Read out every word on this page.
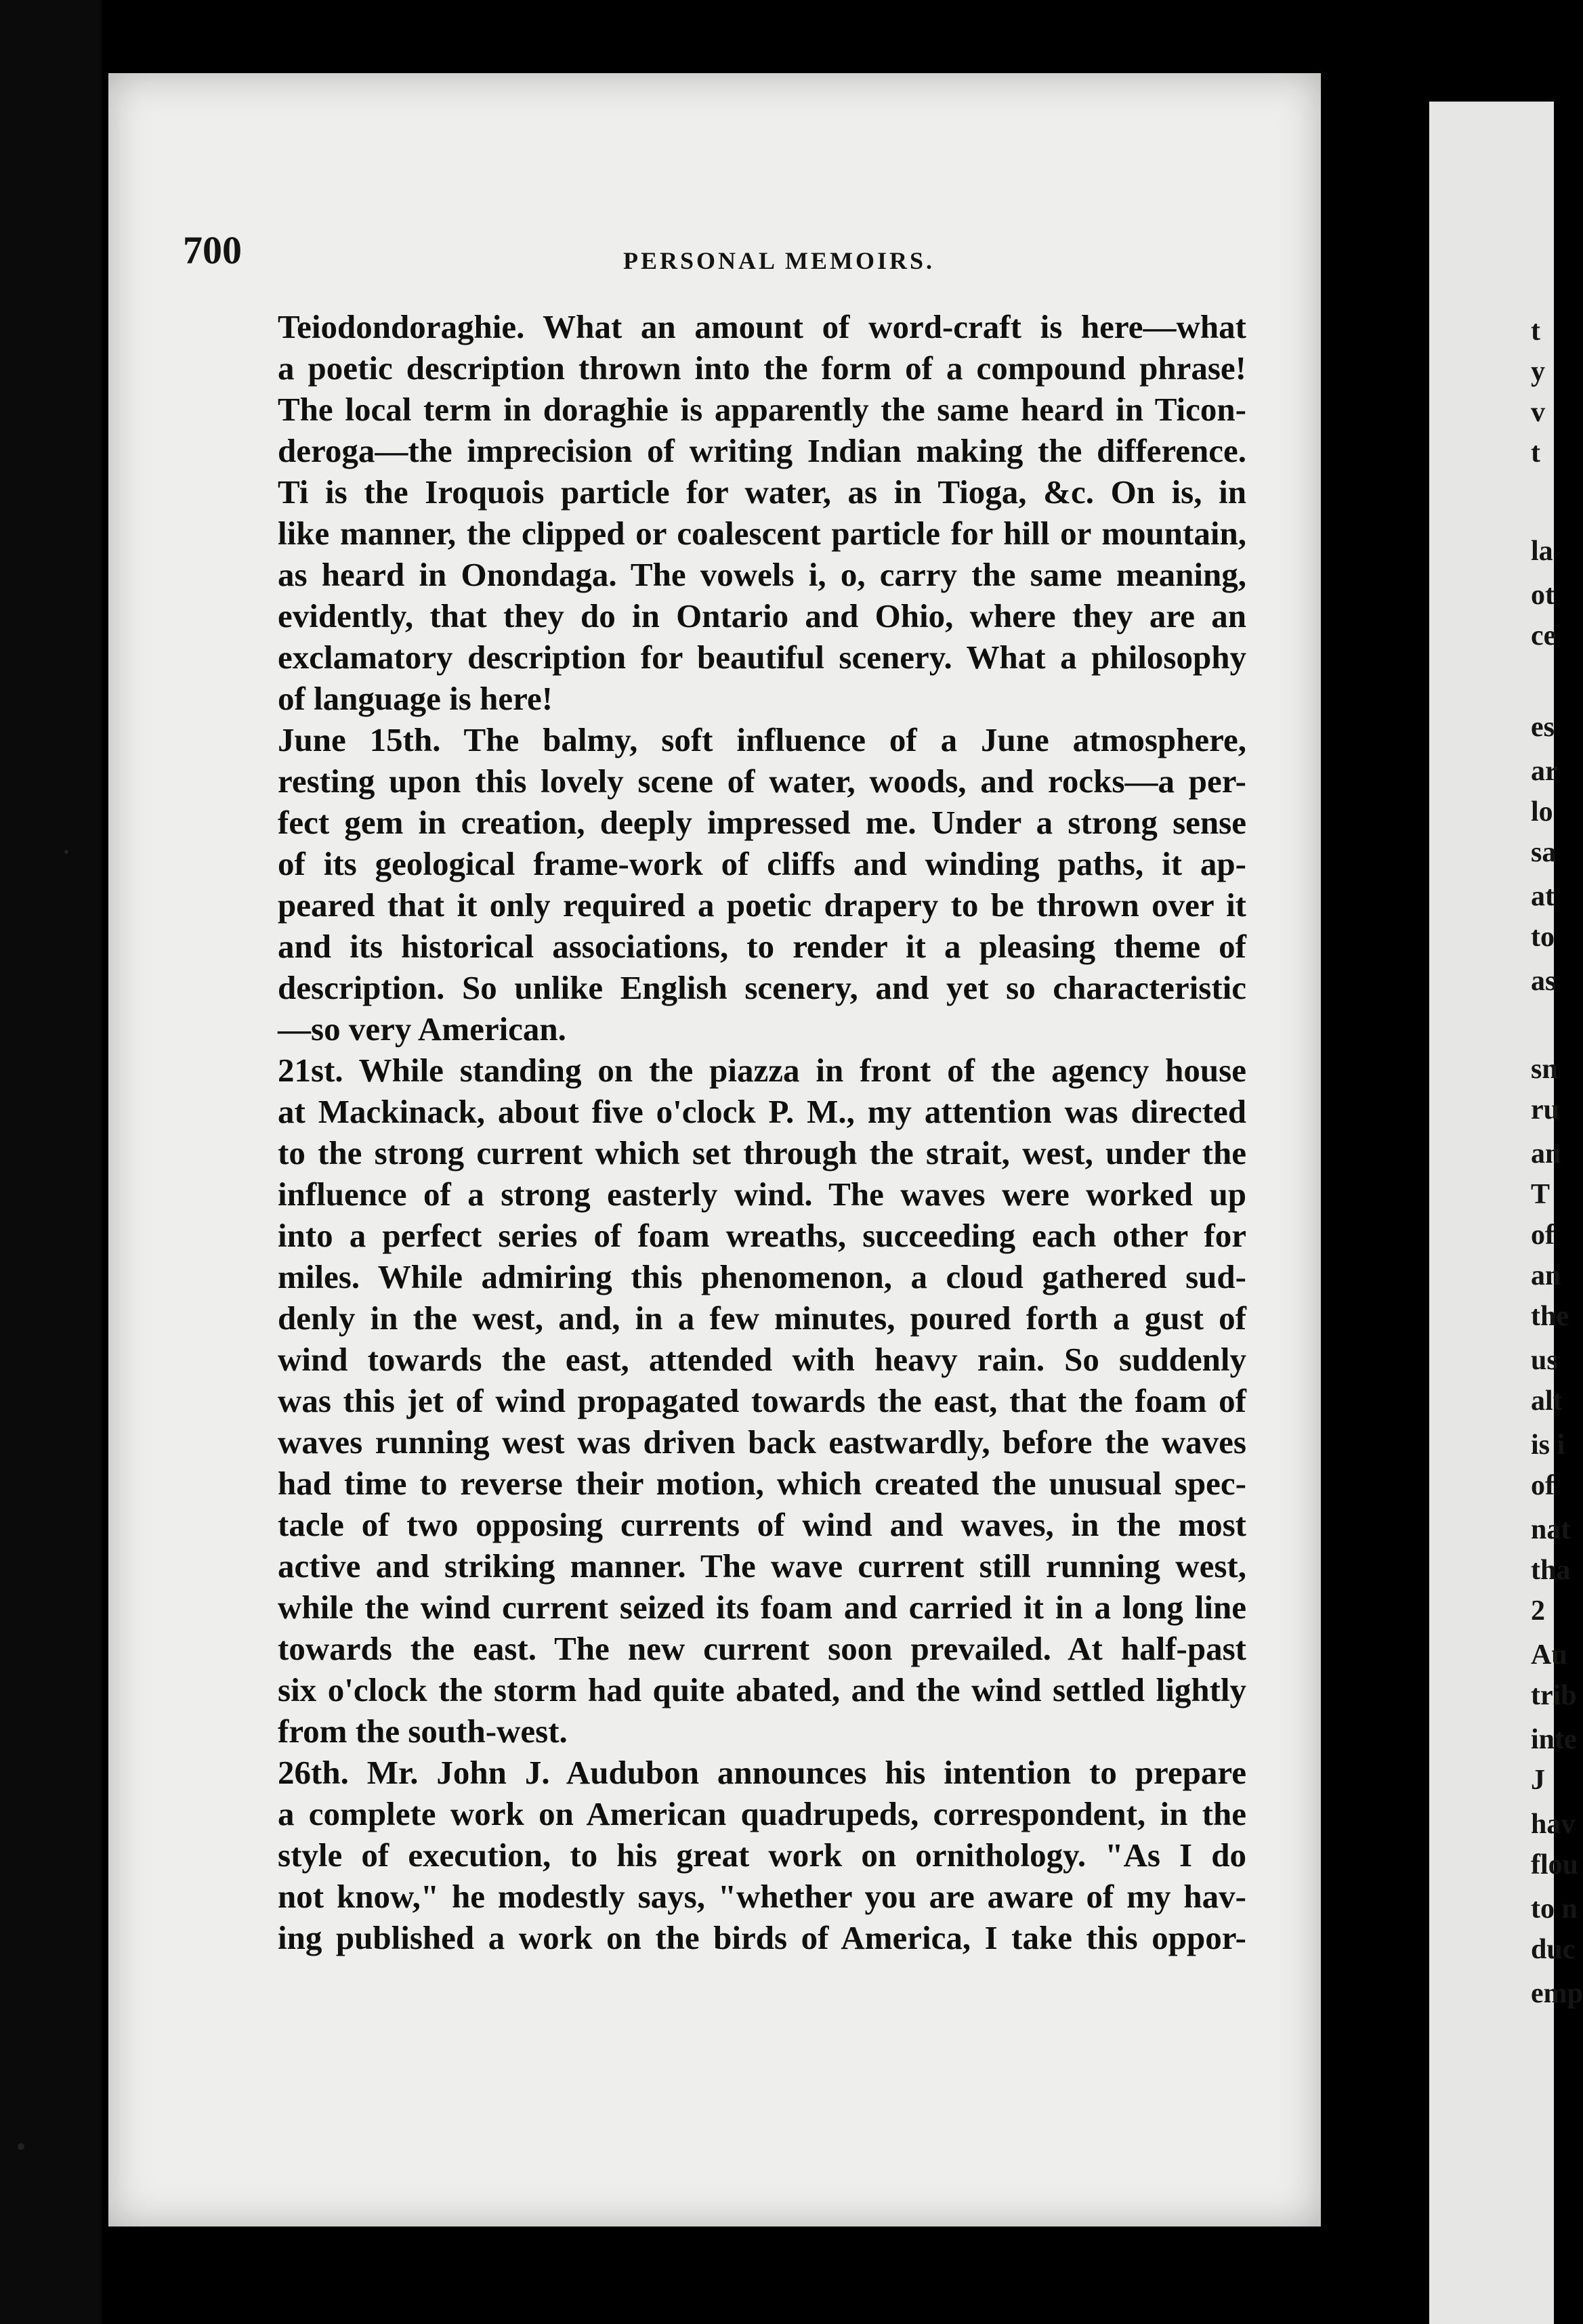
700	PERSONAL MEMOIRS.
Teiodondoraghie. What an amount of word-craft is here—what
a poetic description thrown into the form of a compound phrase!
The local term in doraghie is apparently the same heard in Ticon-
deroga—the imprecision of writing Indian making the difference.
Ti is the Iroquois particle for water, as in Tioga, &c. On is, in
like manner, the clipped or coalescent particle for hill or mountain,
as heard in Onondaga. The vowels i, o, carry the same meaning,
evidently, that they do in Ontario and Ohio, where they are an
exclamatory description for beautiful scenery. What a philosophy
of language is here!
June 15th. The balmy, soft influence of a June atmosphere,
resting upon this lovely scene of water, woods, and rocks—a per-
fect gem in creation, deeply impressed me. Under a strong sense
of its geological frame-work of cliffs and winding paths, it ap-
peared that it only required a poetic drapery to be thrown over it
and its historical associations, to render it a pleasing theme of
description. So unlike English scenery, and yet so characteristic
—so very American.
21st. While standing on the piazza in front of the agency house
at Mackinack, about five o'clock P. M., my attention was directed
to the strong current which set through the strait, west, under the
influence of a strong easterly wind. The waves were worked up
into a perfect series of foam wreaths, succeeding each other for
miles. While admiring this phenomenon, a cloud gathered sud-
denly in the west, and, in a few minutes, poured forth a gust of
wind towards the east, attended with heavy rain. So suddenly
was this jet of wind propagated towards the east, that the foam of
waves running west was driven back eastwardly, before the waves
had time to reverse their motion, which created the unusual spec-
tacle of two opposing currents of wind and waves, in the most
active and striking manner. The wave current still running west,
while the wind current seized its foam and carried it in a long line
towards the east. The new current soon prevailed. At half-past
six o'clock the storm had quite abated, and the wind settled lightly
from the south-west.
26th. Mr. John J. Audubon announces his intention to prepare
a complete work on American quadrupeds, correspondent, in the
style of execution, to his great work on ornithology. "As I do
not know," he modestly says, "whether you are aware of my hav-
ing published a work on the birds of America, I take this oppor-
t
y
v
t
la
ot
ce
es
ar
lo
sa
at
to
as
sn
ru
an
T
of
an
the
us
alt
is i
of
nat
tha
2
Au
trib
inte
J
hav
flou
to n
duc
emp
